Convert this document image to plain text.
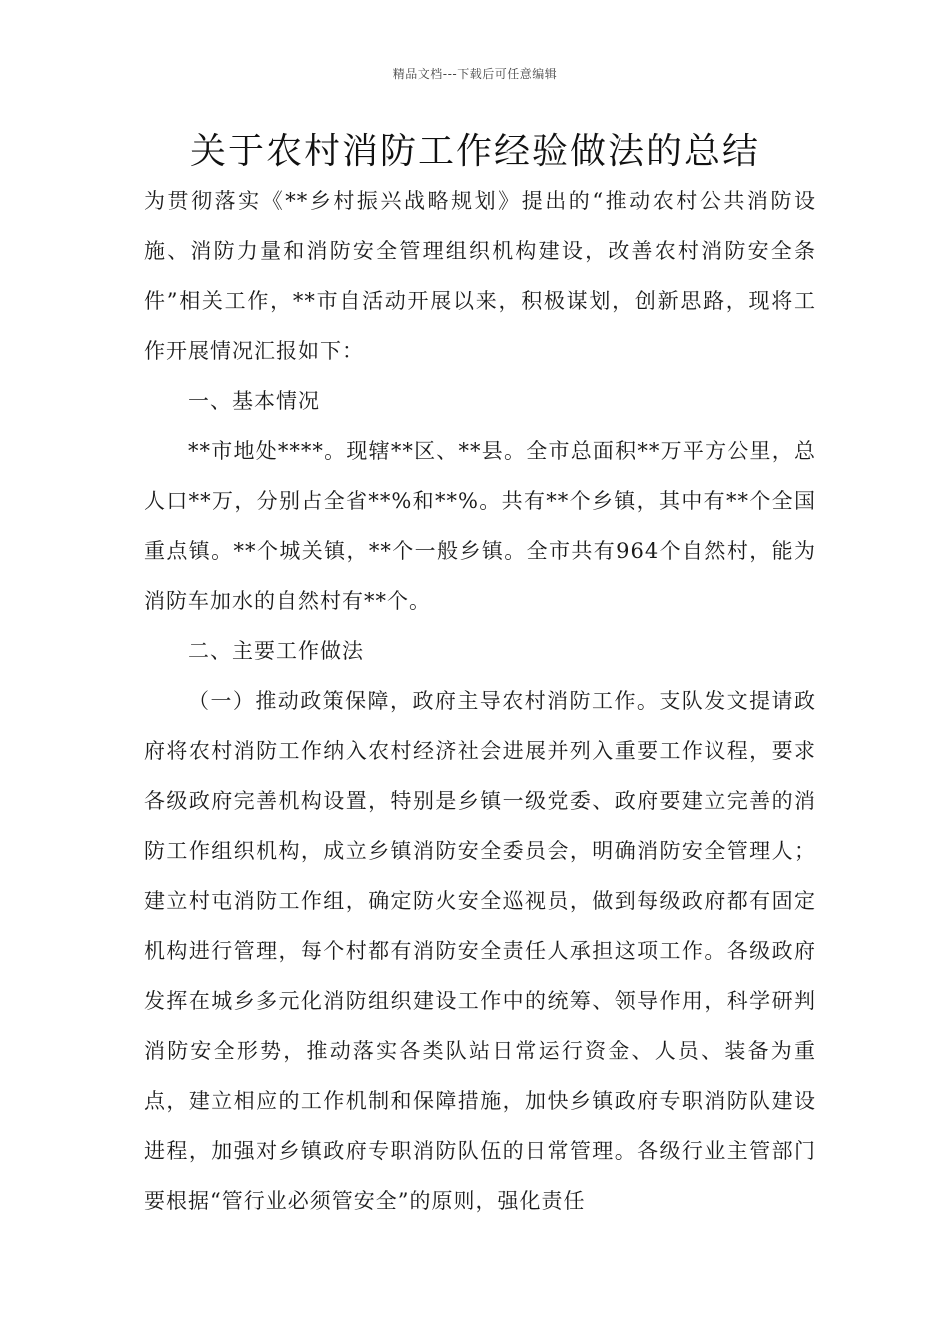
精品文档---下载后可任意编辑
关于农村消防工作经验做法的总结

为贯彻落实《**乡村振兴战略规划》提出的“推动农村公共消防设施、消防力量和消防安全管理组织机构建设，改善农村消防安全条件”相关工作，**市自活动开展以来，积极谋划，创新思路，现将工作开展情况汇报如下：

一、基本情况

**市地处****。现辖**区、**县。全市总面积**万平方公里，总人口**万，分别占全省**%和**%。共有**个乡镇，其中有**个全国重点镇。**个城关镇，**个一般乡镇。全市共有964个自然村，能为消防车加水的自然村有**个。

二、主要工作做法

（一）推动政策保障，政府主导农村消防工作。支队发文提请政府将农村消防工作纳入农村经济社会进展并列入重要工作议程，要求各级政府完善机构设置，特别是乡镇一级党委、政府要建立完善的消防工作组织机构，成立乡镇消防安全委员会，明确消防安全管理人；建立村屯消防工作组，确定防火安全巡视员，做到每级政府都有固定机构进行管理，每个村都有消防安全责任人承担这项工作。各级政府发挥在城乡多元化消防组织建设工作中的统筹、领导作用，科学研判消防安全形势，推动落实各类队站日常运行资金、人员、装备为重点，建立相应的工作机制和保障措施，加快乡镇政府专职消防队建设进程，加强对乡镇政府专职消防队伍的日常管理。各级行业主管部门要根据“管行业必须管安全”的原则，强化责任
